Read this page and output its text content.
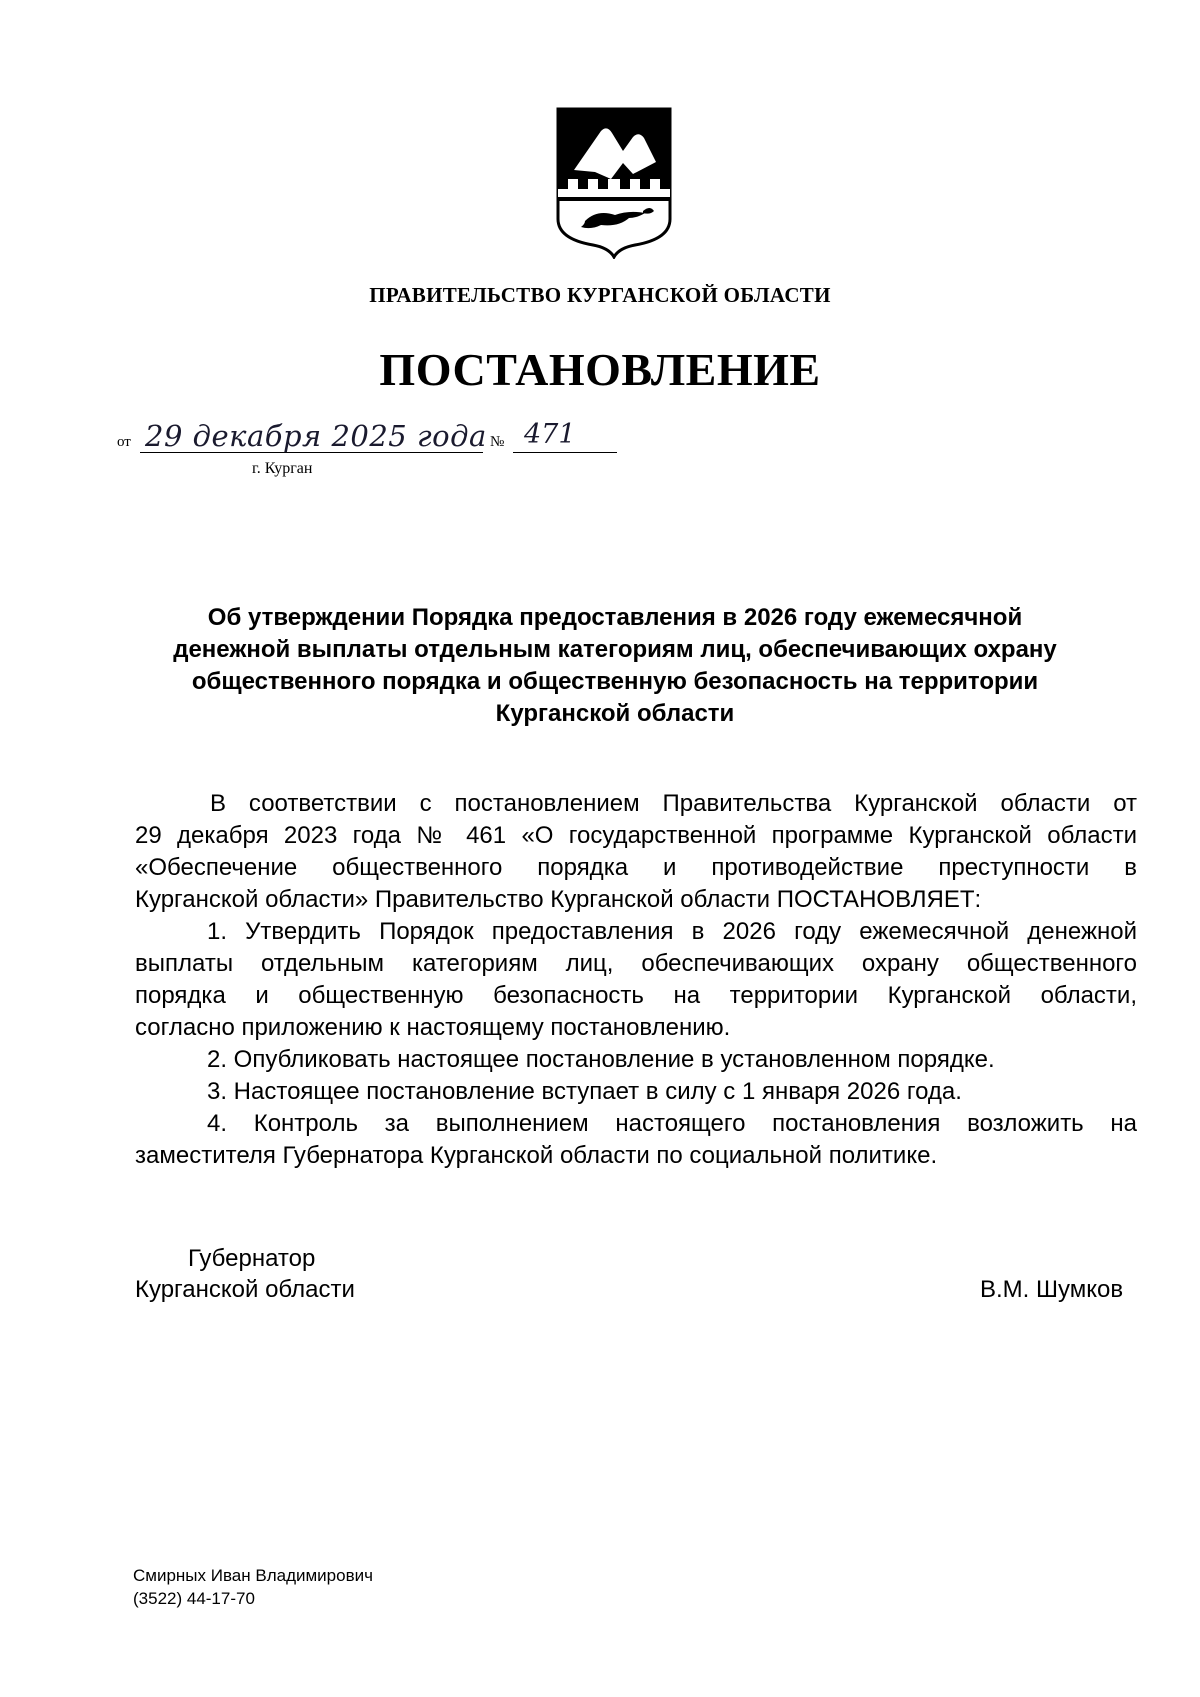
ПРАВИТЕЛЬСТВО КУРГАНСКОЙ ОБЛАСТИ
ПОСТАНОВЛЕНИЕ
от 29 декабря 2025 года № 471
г. Курган
Об утверждении Порядка предоставления в 2026 году ежемесячной
денежной выплаты отдельным категориям лиц, обеспечивающих охрану
общественного порядка и общественную безопасность на территории
Курганской области
В соответствии с постановлением Правительства Курганской области от
29 декабря 2023 года № 461 «О государственной программе Курганской области
«Обеспечение общественного порядка и противодействие преступности в
Курганской области» Правительство Курганской области ПОСТАНОВЛЯЕТ:
1. Утвердить Порядок предоставления в 2026 году ежемесячной денежной
выплаты отдельным категориям лиц, обеспечивающих охрану общественного
порядка и общественную безопасность на территории Курганской области,
согласно приложению к настоящему постановлению.
2. Опубликовать настоящее постановление в установленном порядке.
3. Настоящее постановление вступает в силу с 1 января 2026 года.
4. Контроль за выполнением настоящего постановления возложить на
заместителя Губернатора Курганской области по социальной политике.
Губернатор
Курганской области	В.М. Шумков
Смирных Иван Владимирович
(3522) 44-17-70
